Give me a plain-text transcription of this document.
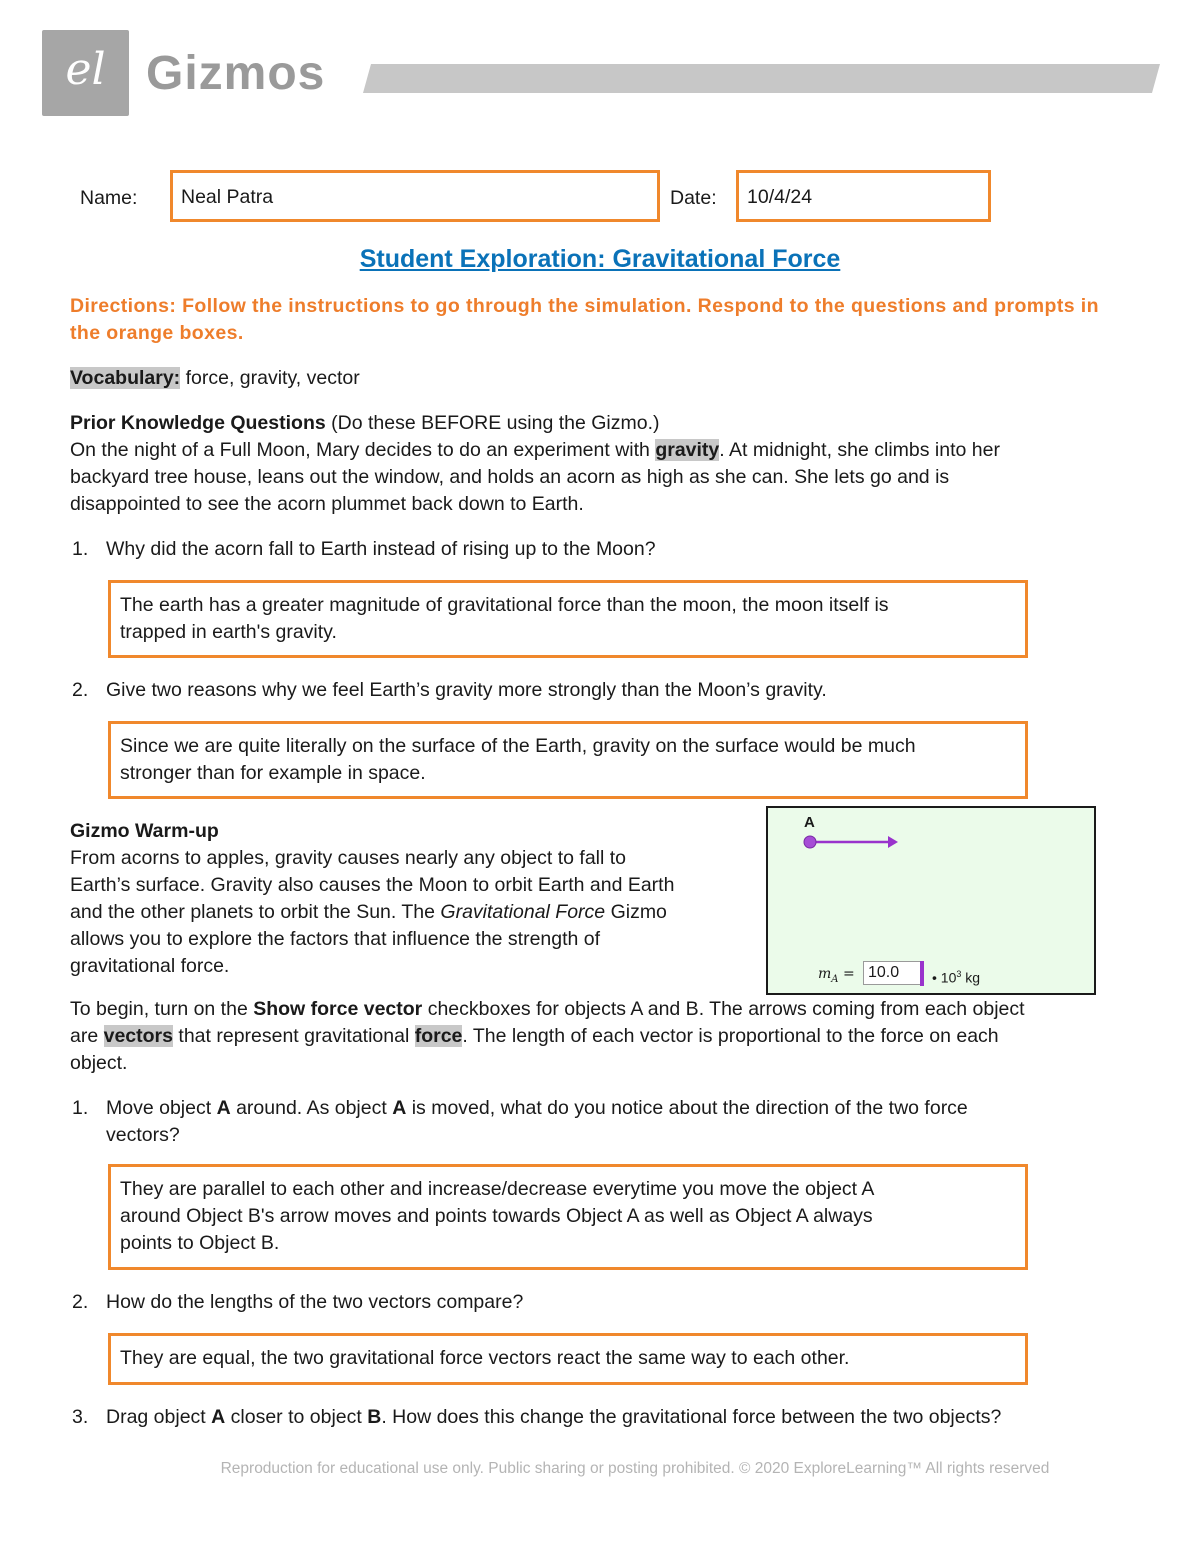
el Gizmos
Name:	Neal Patra	Date:	10/4/24
Student Exploration: Gravitational Force
Directions: Follow the instructions to go through the simulation. Respond to the questions and prompts in the orange boxes.
Vocabulary: force, gravity, vector
Prior Knowledge Questions (Do these BEFORE using the Gizmo.)
On the night of a Full Moon, Mary decides to do an experiment with gravity. At midnight, she climbs into her
backyard tree house, leans out the window, and holds an acorn as high as she can. She lets go and is
disappointed to see the acorn plummet back down to Earth.
1. Why did the acorn fall to Earth instead of rising up to the Moon?
The earth has a greater magnitude of gravitational force than the moon, the moon itself is
trapped in earth's gravity.
2. Give two reasons why we feel Earth’s gravity more strongly than the Moon’s gravity.
Since we are quite literally on the surface of the Earth, gravity on the surface would be much
stronger than for example in space.
Gizmo Warm-up
From acorns to apples, gravity causes nearly any object to fall to
Earth’s surface. Gravity also causes the Moon to orbit Earth and Earth
and the other planets to orbit the Sun. The Gravitational Force Gizmo
allows you to explore the factors that influence the strength of
gravitational force.
A
$m_A = 10.0$	• $10^3$ kg
To begin, turn on the Show force vector checkboxes for objects A and B. The arrows coming from each object
are vectors that represent gravitational force. The length of each vector is proportional to the force on each
object.
1. Move object A around. As object A is moved, what do you notice about the direction of the two force
vectors?
They are parallel to each other and increase/decrease everytime you move the object A
around Object B's arrow moves and points towards Object A as well as Object A always
points to Object B.
2. How do the lengths of the two vectors compare?
They are equal, the two gravitational force vectors react the same way to each other.
3. Drag object A closer to object B. How does this change the gravitational force between the two objects?
Reproduction for educational use only. Public sharing or posting prohibited. © 2020 ExploreLearning™ All rights reserved
